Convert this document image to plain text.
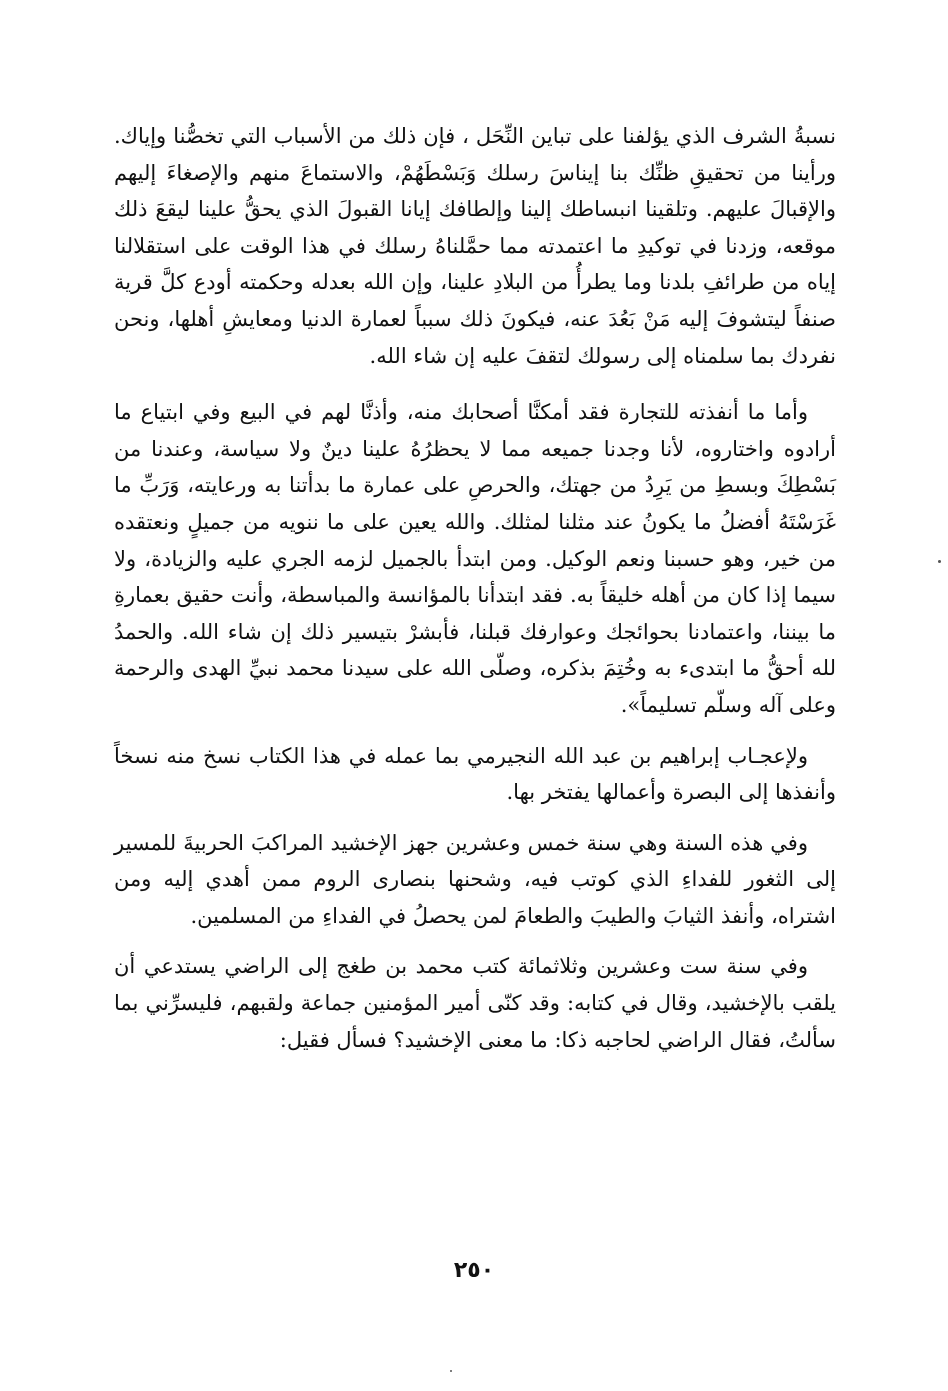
نسبةُ الشرف الذي يؤلفنا على تباين النِّحَل ، فإن ذلك من الأسباب التي تخصُّنا وإياك. ورأينا من تحقيقِ ظنِّك بنا إيناسَ رسلك وَبَسْطَهُمْ، والاستماعَ منهم والإصغاءَ إليهم والإقبالَ عليهم. وتلقينا انبساطك إلينا وإلطافك إيانا القبولَ الذي يحقُّ علينا ليقعَ ذلك موقعه، وزدنا في توكيدِ ما اعتمدته مما حمَّلناهُ رسلك في هذا الوقت على استقلالنا إياه من طرائفِ بلدنا وما يطرأُ من البلادِ علينا، وإن الله بعدله وحكمته أودع كلَّ قرية صنفاً ليتشوفَ إليه مَنْ بَعُدَ عنه، فيكونَ ذلك سبباً لعمارة الدنيا ومعايشِ أهلها، ونحن نفردك بما سلمناه إلى رسولك لتقفَ عليه إن شاء الله.

وأما ما أنفذته للتجارة فقد أمكنَّا أصحابك منه، وأذنَّا لهم في البيع وفي ابتياع ما أرادوه واختاروه، لأنا وجدنا جميعه مما لا يحظرُهُ علينا دينٌ ولا سياسة، وعندنا من بَسْطِكَ وبسطِ من يَرِدُ من جهتك، والحرصِ على عمارة ما بدأتنا به ورعايته، وَرَبِّ ما غَرَسْتَهُ أفضلُ ما يكونُ عند مثلنا لمثلك. والله يعين على ما ننويه من جميلٍ ونعتقده من خير، وهو حسبنا ونعم الوكيل. ومن ابتدأ بالجميل لزمه الجري عليه والزيادة، ولا سيما إذا كان من أهله خليقاً به. فقد ابتدأنا بالمؤانسة والمباسطة، وأنت حقيق بعمارةِ ما بيننا، واعتمادنا بحوائجك وعوارفك قبلنا، فأبشرْ بتيسير ذلك إن شاء الله. والحمدُ لله أحقُّ ما ابتدىء به وخُتِمَ بذكره، وصلّى الله على سيدنا محمد نبيِّ الهدى والرحمة وعلى آله وسلّم تسليماً».

ولإعجـاب إبراهيم بن عبد الله النجيرمي بما عمله في هذا الكتاب نسخ منه نسخاً وأنفذها إلى البصرة وأعمالها يفتخر بها.

وفي هذه السنة وهي سنة خمس وعشرين جهز الإخشيد المراكبَ الحربيةَ للمسير إلى الثغور للفداءِ الذي كوتب فيه، وشحنها بنصارى الروم ممن أهدي إليه ومن اشتراه، وأنفذ الثيابَ والطيبَ والطعامَ لمن يحصلُ في الفداءِ من المسلمين.

وفي سنة ست وعشرين وثلاثمائة كتب محمد بن طغج إلى الراضي يستدعي أن يلقب بالإخشيد، وقال في كتابه: وقد كنّى أمير المؤمنين جماعة ولقبهم، فليسرِّني بما سألتُ، فقال الراضي لحاجبه ذكا: ما معنى الإخشيد؟ فسأل فقيل:

٢٥٠
